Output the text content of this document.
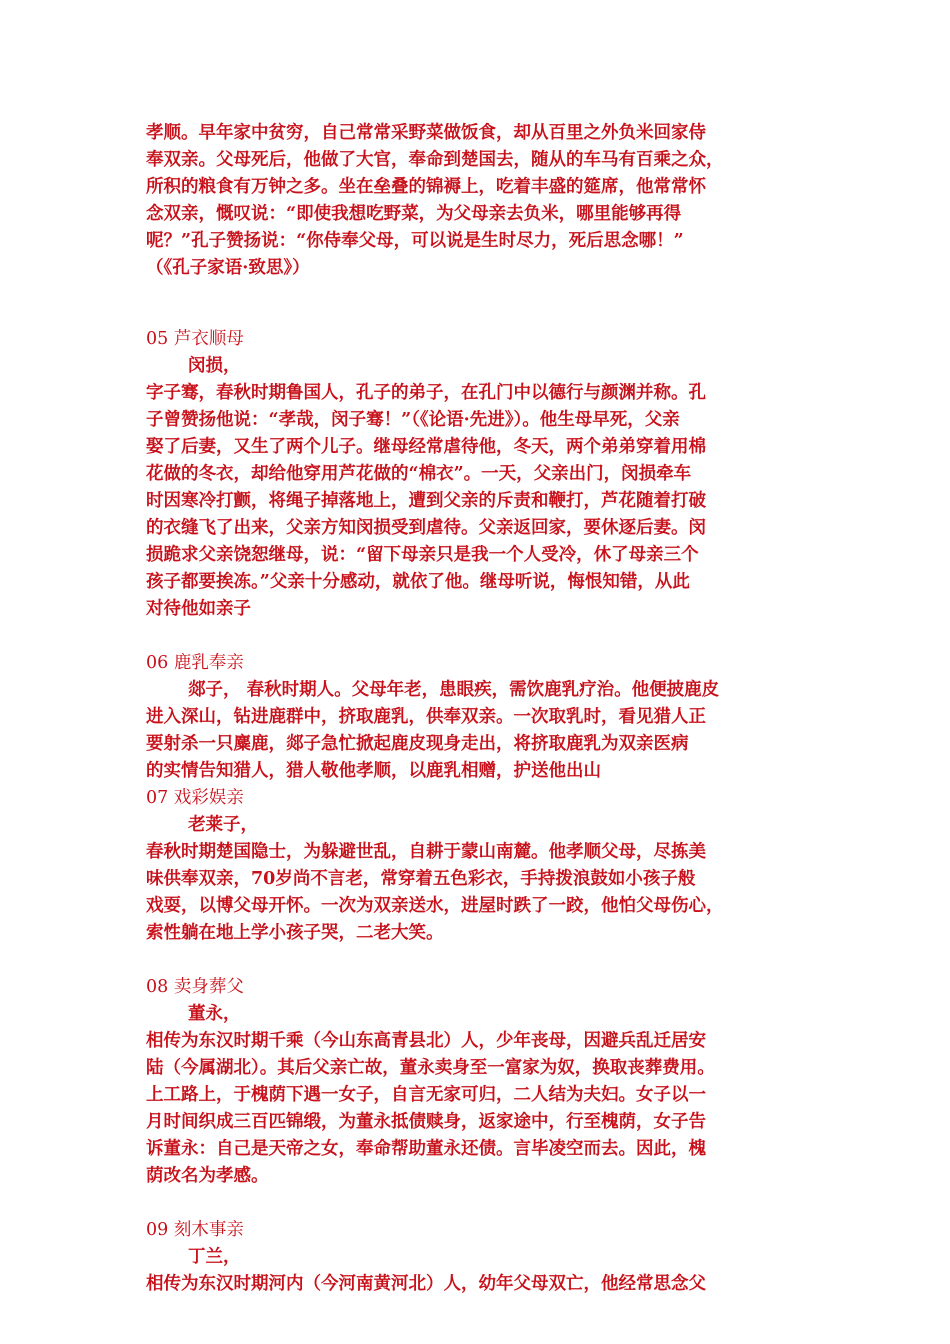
孝顺。早年家中贫穷，自己常常采野菜做饭食，却从百里之外负米回家侍
奉双亲。父母死后，他做了大官，奉命到楚国去，随从的车马有百乘之众，
所积的粮食有万钟之多。坐在垒叠的锦褥上，吃着丰盛的筵席，他常常怀
念双亲，慨叹说：“即使我想吃野菜，为父母亲去负米，哪里能够再得
呢？”孔子赞扬说：“你侍奉父母，可以说是生时尽力，死后思念哪！”
（《孔子家语·致思》）
05 芦衣顺母
闵损，
字子骞，春秋时期鲁国人，孔子的弟子，在孔门中以德行与颜渊并称。孔
子曾赞扬他说：“孝哉，闵子骞！”（《论语·先进》）。他生母早死，父亲
娶了后妻，又生了两个儿子。继母经常虐待他，冬天，两个弟弟穿着用棉
花做的冬衣，却给他穿用芦花做的“棉衣”。一天，父亲出门，闵损牵车
时因寒冷打颤，将绳子掉落地上，遭到父亲的斥责和鞭打，芦花随着打破
的衣缝飞了出来，父亲方知闵损受到虐待。父亲返回家，要休逐后妻。闵
损跪求父亲饶恕继母，说：“留下母亲只是我一个人受冷，休了母亲三个
孩子都要挨冻。”父亲十分感动，就依了他。继母听说，悔恨知错，从此
对待他如亲子
06 鹿乳奉亲
郯子， 春秋时期人。父母年老，患眼疾，需饮鹿乳疗治。他便披鹿皮
进入深山，钻进鹿群中，挤取鹿乳，供奉双亲。一次取乳时，看见猎人正
要射杀一只麋鹿，郯子急忙掀起鹿皮现身走出，将挤取鹿乳为双亲医病
的实情告知猎人，猎人敬他孝顺，以鹿乳相赠，护送他出山
07 戏彩娱亲
老莱子，
春秋时期楚国隐士，为躲避世乱，自耕于蒙山南麓。他孝顺父母，尽拣美
味供奉双亲，70岁尚不言老，常穿着五色彩衣，手持拨浪鼓如小孩子般
戏耍，以博父母开怀。一次为双亲送水，进屋时跌了一跤，他怕父母伤心，
索性躺在地上学小孩子哭，二老大笑。
08 卖身葬父
董永，
相传为东汉时期千乘（今山东高青县北）人，少年丧母，因避兵乱迁居安
陆（今属湖北）。其后父亲亡故，董永卖身至一富家为奴，换取丧葬费用。
上工路上，于槐荫下遇一女子，自言无家可归，二人结为夫妇。女子以一
月时间织成三百匹锦缎，为董永抵债赎身，返家途中，行至槐荫，女子告
诉董永：自己是天帝之女，奉命帮助董永还债。言毕凌空而去。因此，槐
荫改名为孝感。
09 刻木事亲
丁兰，
相传为东汉时期河内（今河南黄河北）人，幼年父母双亡，他经常思念父
